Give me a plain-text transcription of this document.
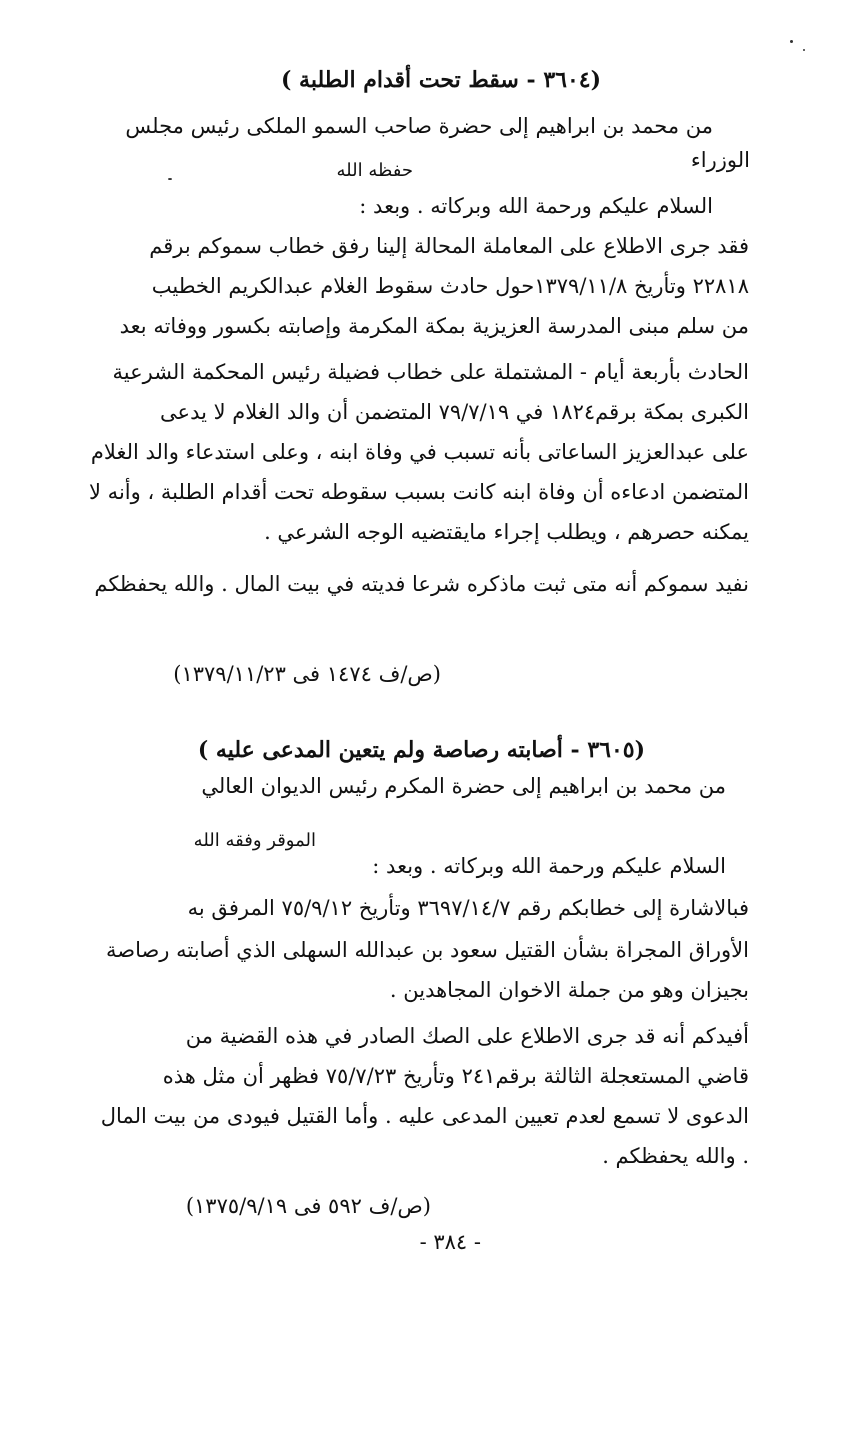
(٣٦٠٤ - سقط تحت أقدام الطلبة )
من محمد بن ابراهيم إلى حضرة صاحب السمو الملكى رئيس مجلس
الوزراء
حفظه الله
السلام عليكم ورحمة الله وبركاته . وبعد :
فقد جرى الاطلاع على المعاملة المحالة إلينا رفق خطاب سموكم برقم
٢٢٨١٨ وتأريخ ١٣٧٩/١١/٨حول حادث سقوط الغلام عبدالكريم الخطيب
من سلم مبنى المدرسة العزيزية بمكة المكرمة وإصابته بكسور ووفاته بعد
الحادث بأربعة أيام - المشتملة على خطاب فضيلة رئيس المحكمة الشرعية
الكبرى بمكة برقم١٨٢٤ في ٧٩/٧/١٩ المتضمن أن والد الغلام لا يدعى
على عبدالعزيز الساعاتى بأنه تسبب في وفاة ابنه ، وعلى استدعاء والد الغلام
المتضمن ادعاءه أن وفاة ابنه كانت بسبب سقوطه تحت أقدام الطلبة ، وأنه لا
يمكنه حصرهم ، ويطلب إجراء مايقتضيه الوجه الشرعي .
نفيد سموكم أنه متى ثبت ماذكره شرعا فديته في بيت المال . والله يحفظكم
(ص/ف ١٤٧٤ فى ١٣٧٩/١١/٢٣)
(٣٦٠٥ - أصابته رصاصة ولم يتعين المدعى عليه )
من محمد بن ابراهيم إلى حضرة المكرم رئيس الديوان العالي
الموقر وفقه الله
السلام عليكم ورحمة الله وبركاته . وبعد :
فبالاشارة إلى خطابكم رقم ٣٦٩٧/١٤/٧ وتأريخ ٧٥/٩/١٢ المرفق به
الأوراق المجراة بشأن القتيل سعود بن عبدالله السهلى الذي أصابته رصاصة
بجيزان وهو من جملة الاخوان المجاهدين .
أفيدكم أنه قد جرى الاطلاع على الصك الصادر في هذه القضية من
قاضي المستعجلة الثالثة برقم٢٤١ وتأريخ ٧٥/٧/٢٣ فظهر أن مثل هذه
الدعوى لا تسمع لعدم تعيين المدعى عليه . وأما القتيل فيودى من بيت المال
. والله يحفظكم .
(ص/ف ٥٩٢ فى ١٣٧٥/٩/١٩)
- ٣٨٤ -
